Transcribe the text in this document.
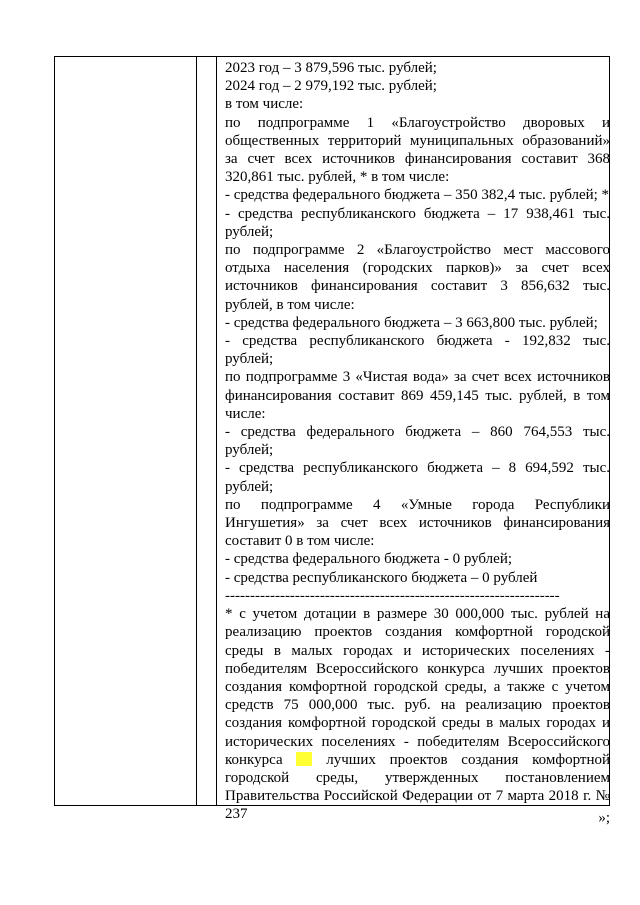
2023 год – 3 879,596 тыс. рублей;

2024 год – 2 979,192 тыс. рублей;

в том числе:

по подпрограмме 1 «Благоустройство дворовых и общественных территорий муниципальных образований» за счет всех источников финансирования составит 368 320,861 тыс. рублей, * в том числе:

- средства федерального бюджета – 350 382,4 тыс. рублей; *

- средства республиканского бюджета – 17 938,461 тыс. рублей;

по подпрограмме 2 «Благоустройство мест массового отдыха населения (городских парков)» за счет всех источников финансирования составит 3 856,632 тыс. рублей, в том числе:

- средства федерального бюджета – 3 663,800 тыс. рублей;

- средства республиканского бюджета - 192,832 тыс. рублей;

по подпрограмме 3 «Чистая вода» за счет всех источников финансирования составит 869 459,145 тыс. рублей, в том числе:

- средства федерального бюджета – 860 764,553 тыс. рублей;

- средства республиканского бюджета – 8 694,592 тыс. рублей;

по подпрограмме 4 «Умные города Республики Ингушетия» за счет всех источников финансирования составит 0 в том числе:

- средства федерального бюджета - 0 рублей;

- средства республиканского бюджета – 0 рублей

-------------------------------------------------------------------

* с учетом дотации в размере 30 000,000 тыс. рублей на реализацию проектов создания комфортной городской среды в малых городах и исторических поселениях - победителям Всероссийского конкурса лучших проектов создания комфортной городской среды, а также с учетом средств 75 000,000 тыс. руб. на реализацию проектов создания комфортной городской среды в малых городах и исторических поселениях - победителям Всероссийского конкурса	лучших проектов создания комфортной городской среды, утвержденных постановлением Правительства Российской Федерации от 7 марта 2018 г. № 237	»;
